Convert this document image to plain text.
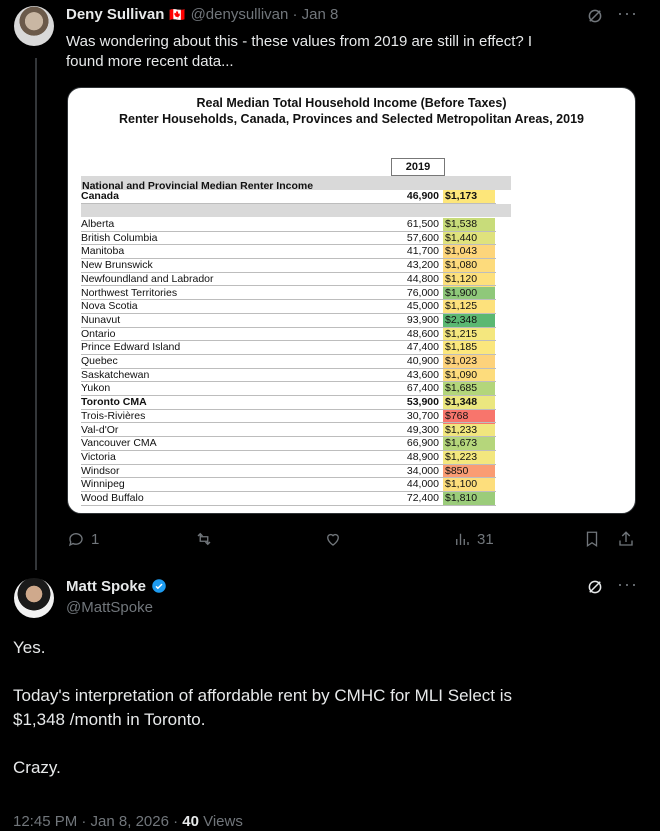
Deny Sullivan 🇨🇦 @denysullivan · Jan 8	···
Was wondering about this - these values from 2019 are still in effect? I
found more recent data...
Real Median Total Household Income (Before Taxes)
Renter Households, Canada, Provinces and Selected Metropolitan Areas, 2019
2019
National and Provincial Median Renter Income
Canada	46,900 $1,173
Alberta	61,500 $1,538
British Columbia	57,600 $1,440
Manitoba	41,700 $1,043
New Brunswick	43,200 $1,080
Newfoundland and Labrador	44,800 $1,120
Northwest Territories	76,000 $1,900
Nova Scotia	45,000 $1,125
Nunavut	93,900 $2,348
Ontario	48,600 $1,215
Prince Edward Island	47,400 $1,185
Quebec	40,900 $1,023
Saskatchewan	43,600 $1,090
Yukon	67,400 $1,685
Toronto CMA	53,900 $1,348
Trois-Rivières	30,700 $768
Val-d'Or	49,300 $1,233
Vancouver CMA	66,900 $1,673
Victoria	48,900 $1,223
Windsor	34,000 $850
Winnipeg	44,000 $1,100
Wood Buffalo	72,400 $1,810
1	31
Matt Spoke
@MattSpoke
···
Yes.
Today's interpretation of affordable rent by CMHC for MLI Select is
$1,348 /month in Toronto.
Crazy.
12:45 PM · Jan 8, 2026 · 40 Views
